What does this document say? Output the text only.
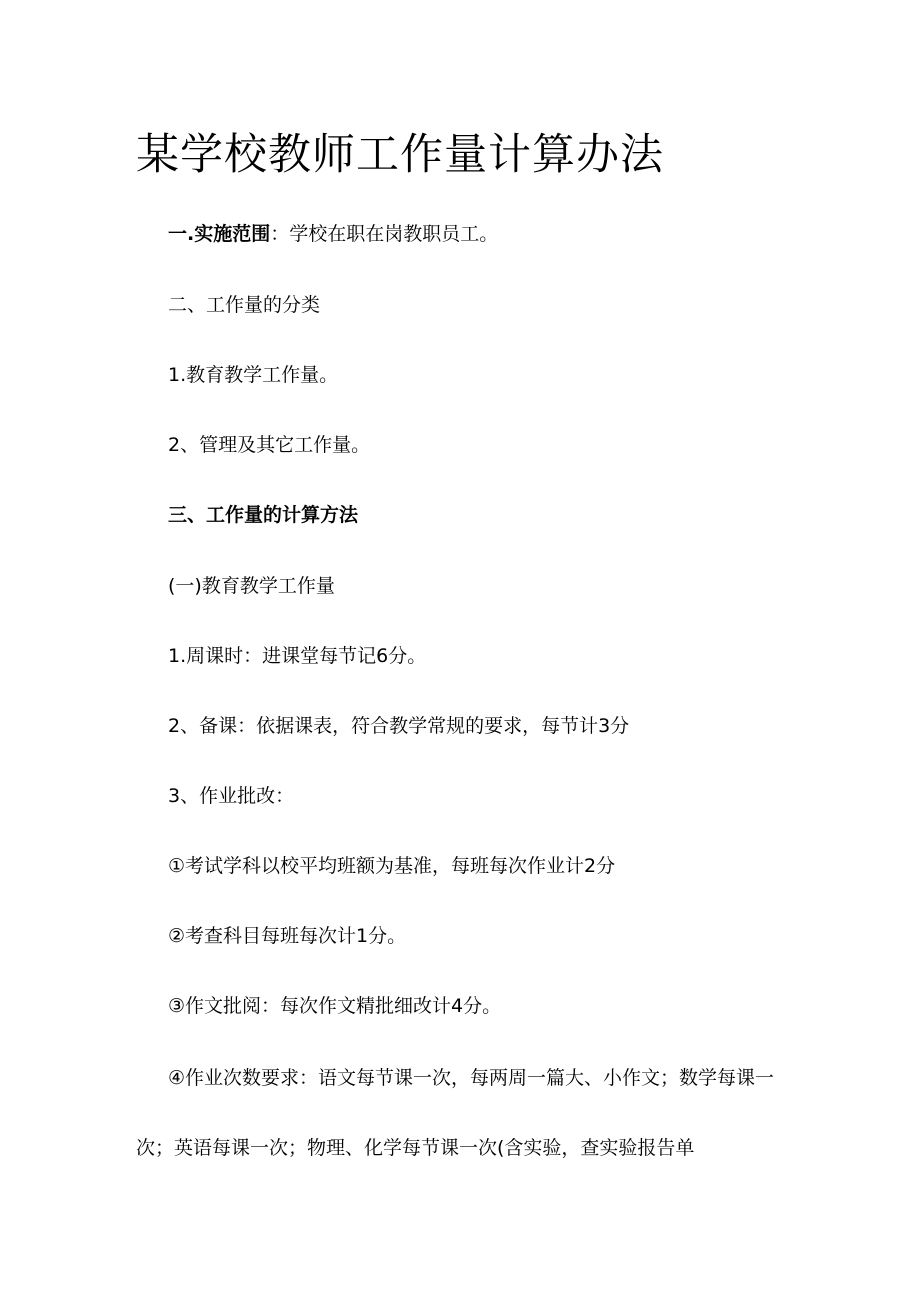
某学校教师工作量计算办法

一.实施范围：学校在职在岗教职员工。

二、工作量的分类

1.教育教学工作量。

2、管理及其它工作量。

三、工作量的计算方法

(一)教育教学工作量

1.周课时：进课堂每节记6分。

2、备课：依据课表，符合教学常规的要求，每节计3分

3、作业批改：

①考试学科以校平均班额为基准，每班每次作业计2分

②考查科目每班每次计1分。

③作文批阅：每次作文精批细改计4分。

④作业次数要求：语文每节课一次，每两周一篇大、小作文；数学每课一次；英语每课一次；物理、化学每节课一次(含实验，查实验报告单
